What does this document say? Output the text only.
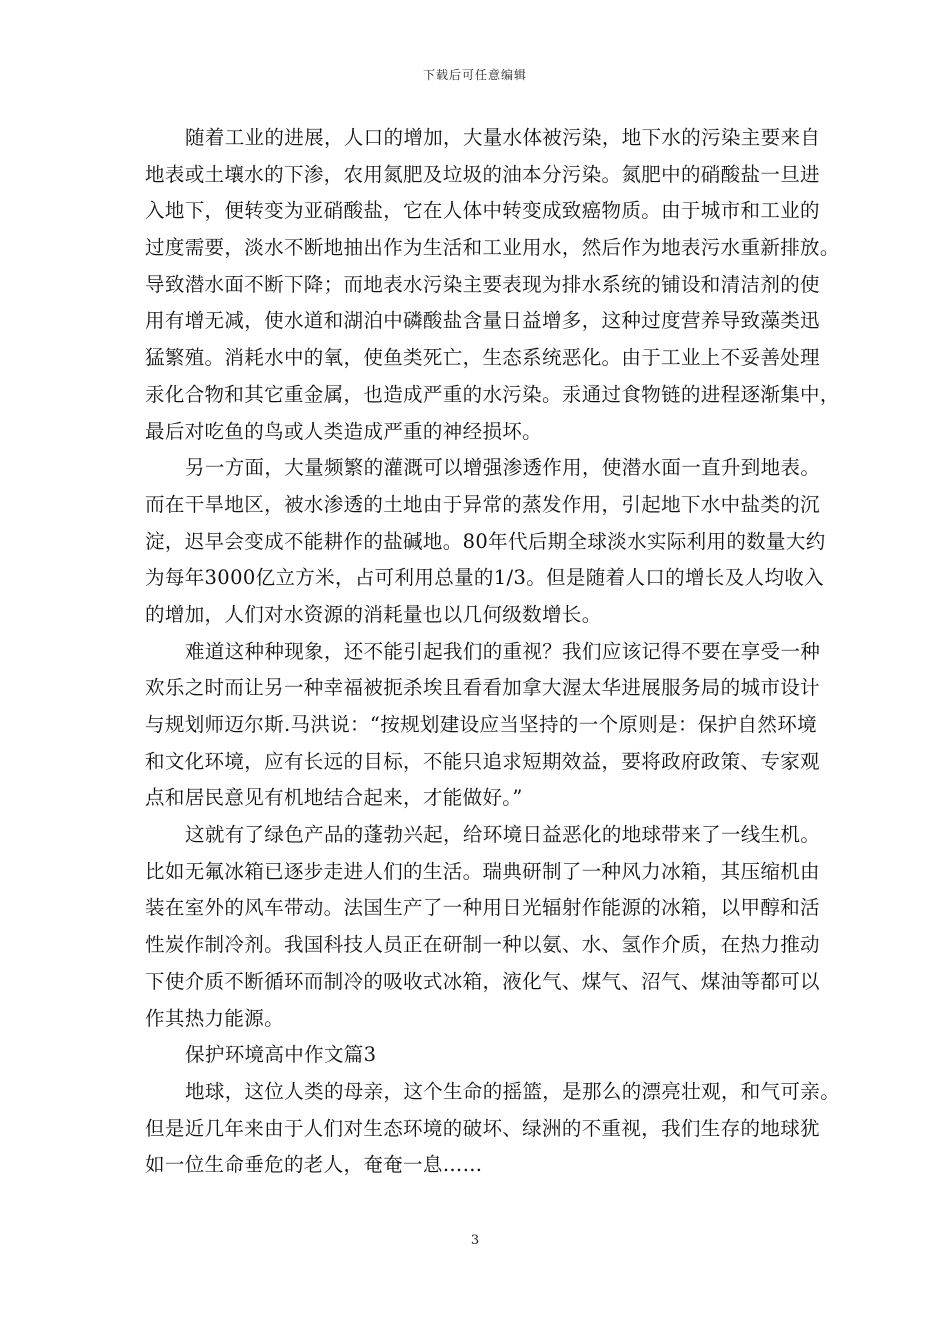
下载后可任意编辑
随着工业的进展，人口的增加，大量水体被污染，地下水的污染主要来自
地表或土壤水的下渗，农用氮肥及垃圾的油本分污染。氮肥中的硝酸盐一旦进
入地下，便转变为亚硝酸盐，它在人体中转变成致癌物质。由于城市和工业的
过度需要，淡水不断地抽出作为生活和工业用水，然后作为地表污水重新排放。
导致潜水面不断下降；而地表水污染主要表现为排水系统的铺设和清洁剂的使
用有增无减，使水道和湖泊中磷酸盐含量日益增多，这种过度营养导致藻类迅
猛繁殖。消耗水中的氧，使鱼类死亡，生态系统恶化。由于工业上不妥善处理
汞化合物和其它重金属，也造成严重的水污染。汞通过食物链的进程逐渐集中，
最后对吃鱼的鸟或人类造成严重的神经损坏。
另一方面，大量频繁的灌溉可以增强渗透作用，使潜水面一直升到地表。
而在干旱地区，被水渗透的土地由于异常的蒸发作用，引起地下水中盐类的沉
淀，迟早会变成不能耕作的盐碱地。80年代后期全球淡水实际利用的数量大约
为每年3000亿立方米，占可利用总量的1/3。但是随着人口的增长及人均收入
的增加，人们对水资源的消耗量也以几何级数增长。
难道这种种现象，还不能引起我们的重视？我们应该记得不要在享受一种
欢乐之时而让另一种幸福被扼杀埃且看看加拿大渥太华进展服务局的城市设计
与规划师迈尔斯.马洪说：“按规划建设应当坚持的一个原则是：保护自然环境
和文化环境，应有长远的目标，不能只追求短期效益，要将政府政策、专家观
点和居民意见有机地结合起来，才能做好。”
这就有了绿色产品的蓬勃兴起，给环境日益恶化的地球带来了一线生机。
比如无氟冰箱已逐步走进人们的生活。瑞典研制了一种风力冰箱，其压缩机由
装在室外的风车带动。法国生产了一种用日光辐射作能源的冰箱，以甲醇和活
性炭作制冷剂。我国科技人员正在研制一种以氨、水、氢作介质，在热力推动
下使介质不断循环而制冷的吸收式冰箱，液化气、煤气、沼气、煤油等都可以
作其热力能源。
保护环境高中作文篇3
地球，这位人类的母亲，这个生命的摇篮，是那么的漂亮壮观，和气可亲。
但是近几年来由于人们对生态环境的破坏、绿洲的不重视，我们生存的地球犹
如一位生命垂危的老人，奄奄一息……
3
